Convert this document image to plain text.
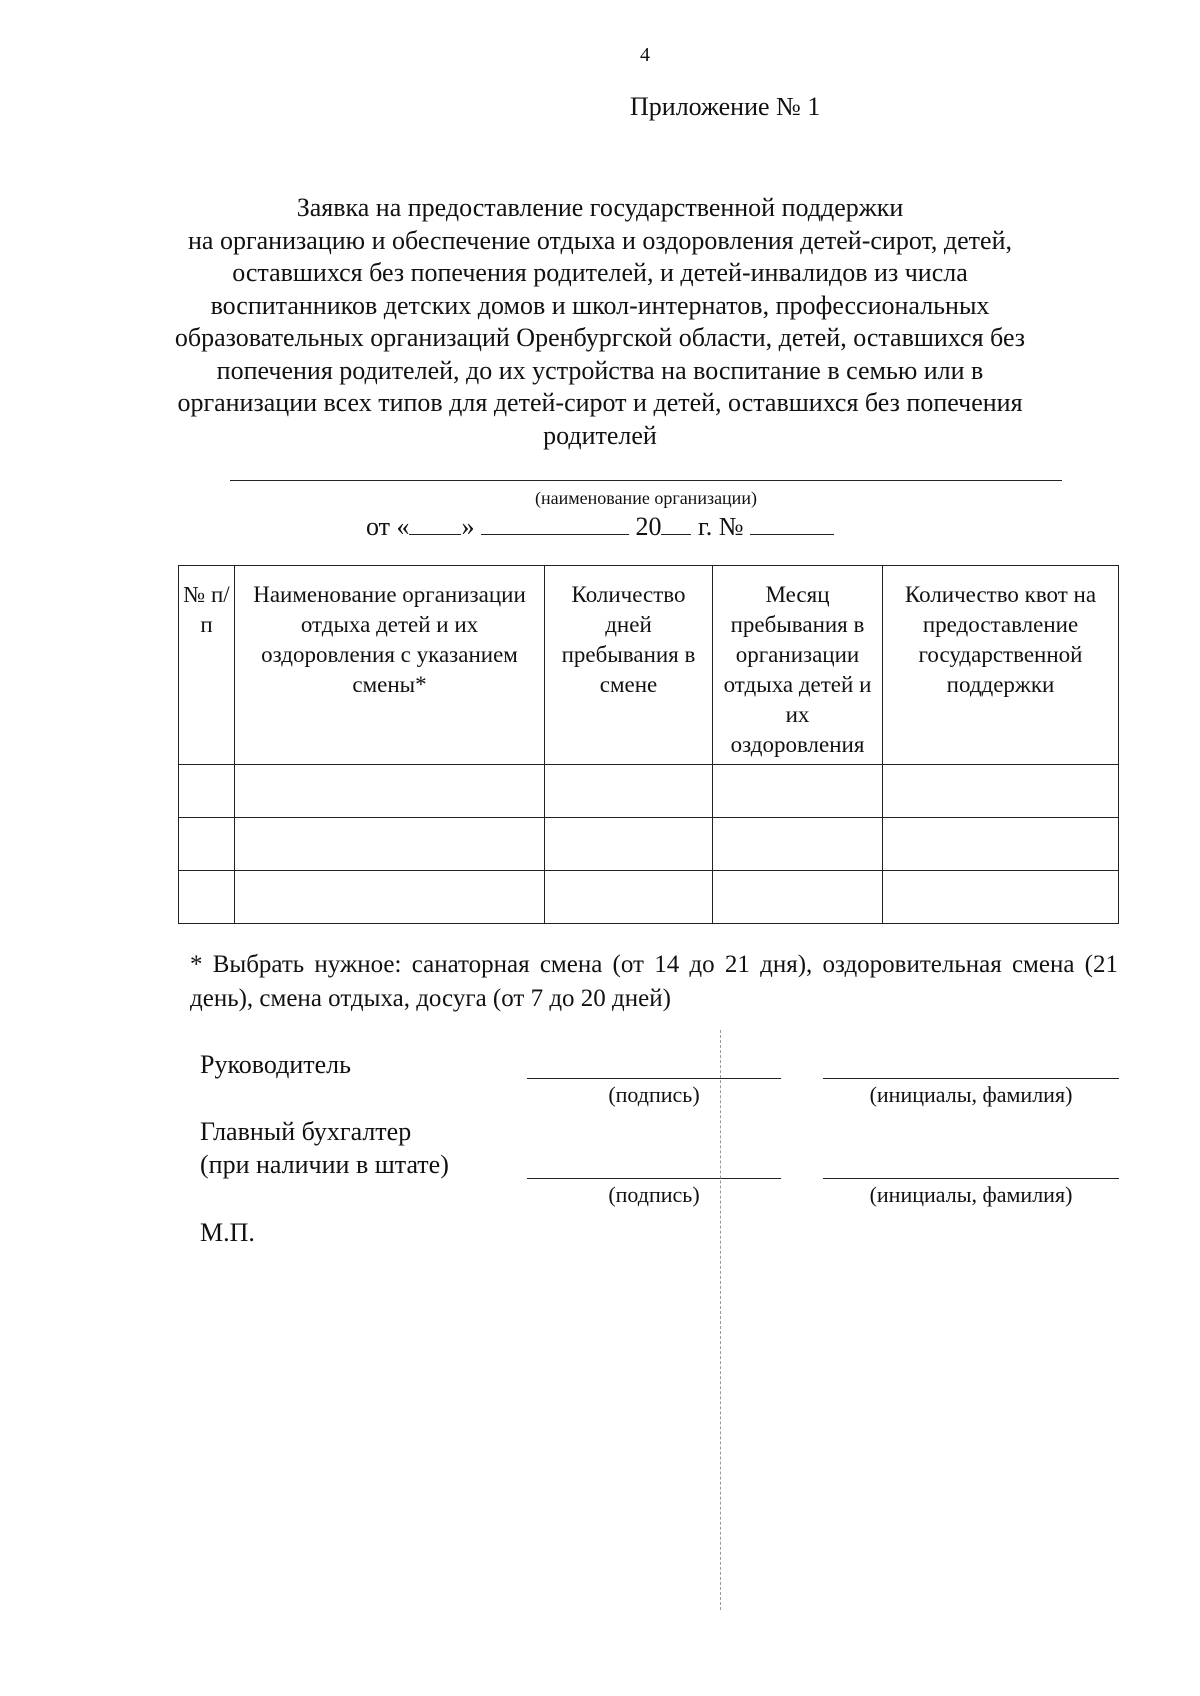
4
Приложение № 1
Заявка на предоставление государственной поддержки
на организацию и обеспечение отдыха и оздоровления детей-сирот, детей,
оставшихся без попечения родителей, и детей-инвалидов из числа
воспитанников детских домов и школ-интернатов, профессиональных
образовательных организаций Оренбургской области, детей, оставшихся без
попечения родителей, до их устройства на воспитание в семью или в
организации всех типов для детей-сирот и детей, оставшихся без попечения
родителей
(наименование организации)
от « »	20 г. №
№ п/п	Наименование организации отдыха детей и их оздоровления с указанием смены*	Количество дней пребывания в смене	Месяц пребывания в организации отдыха детей и их оздоровления	Количество квот на предоставление государственной поддержки

* Выбрать нужное: санаторная смена (от 14 до 21 дня), оздоровительная смена (21 день), смена отдыха, досуга (от 7 до 20 дней)
Руководитель
(подпись)	(инициалы, фамилия)
Главный бухгалтер
(при наличии в штате)
(подпись)	(инициалы, фамилия)
М.П.
